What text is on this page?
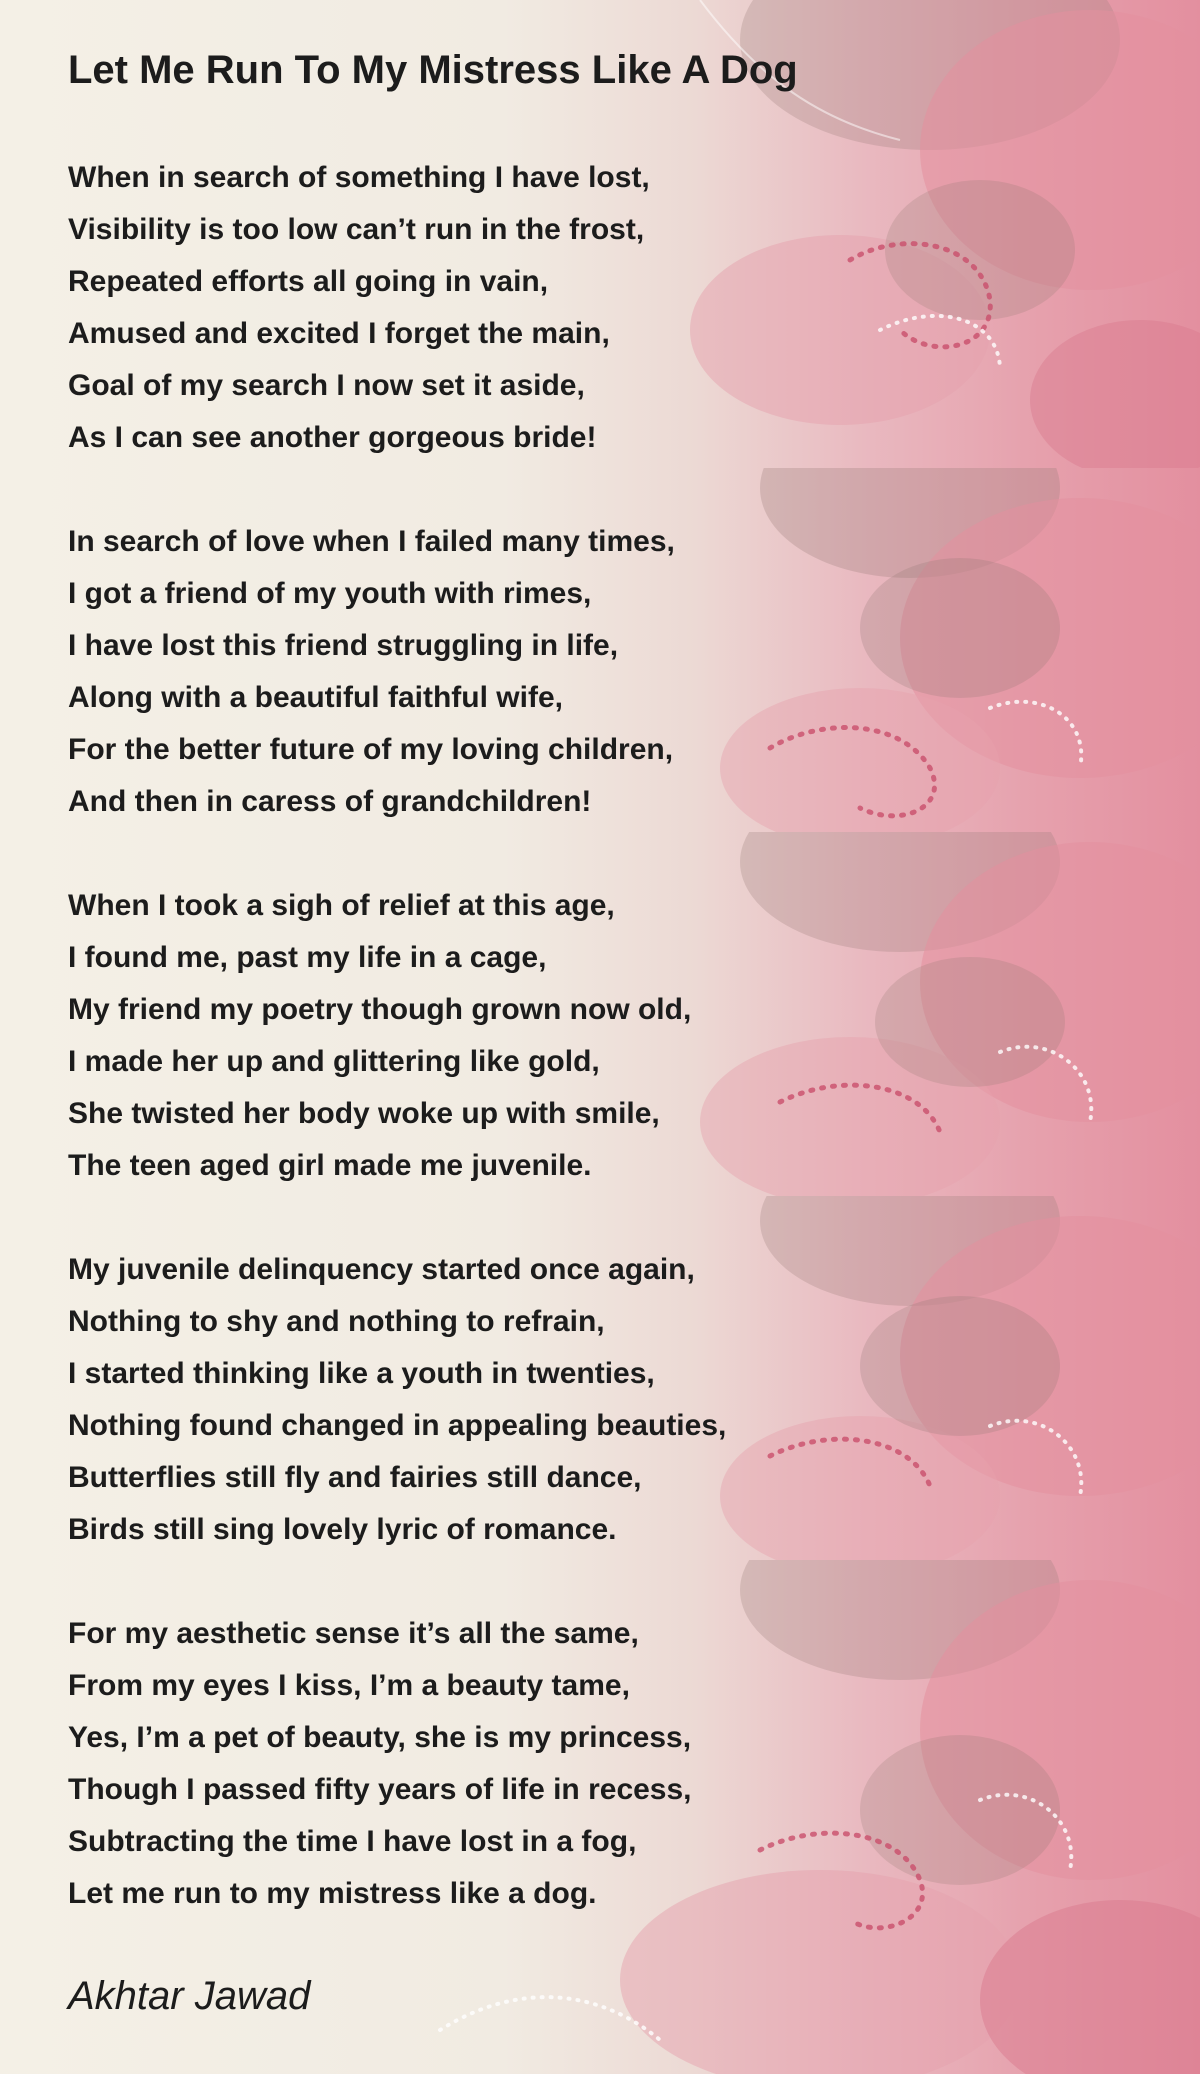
Let Me Run To My Mistress Like A Dog
When in search of something I have lost,
Visibility is too low can’t run in the frost,
Repeated efforts all going in vain,
Amused and excited I forget the main,
Goal of my search I now set it aside,
As I can see another gorgeous bride!
In search of love when I failed many times,
I got a friend of my youth with rimes,
I have lost this friend struggling in life,
Along with a beautiful faithful wife,
For the better future of my loving children,
And then in caress of grandchildren!
When I took a sigh of relief at this age,
I found me, past my life in a cage,
My friend my poetry though grown now old,
I made her up and glittering like gold,
She twisted her body woke up with smile,
The teen aged girl made me juvenile.
My juvenile delinquency started once again,
Nothing to shy and nothing to refrain,
I started thinking like a youth in twenties,
Nothing found changed in appealing beauties,
Butterflies still fly and fairies still dance,
Birds still sing lovely lyric of romance.
For my aesthetic sense it’s all the same,
From my eyes I kiss, I’m a beauty tame,
Yes, I’m a pet of beauty, she is my princess,
Though I passed fifty years of life in recess,
Subtracting the time I have lost in a fog,
Let me run to my mistress like a dog.

Akhtar Jawad
